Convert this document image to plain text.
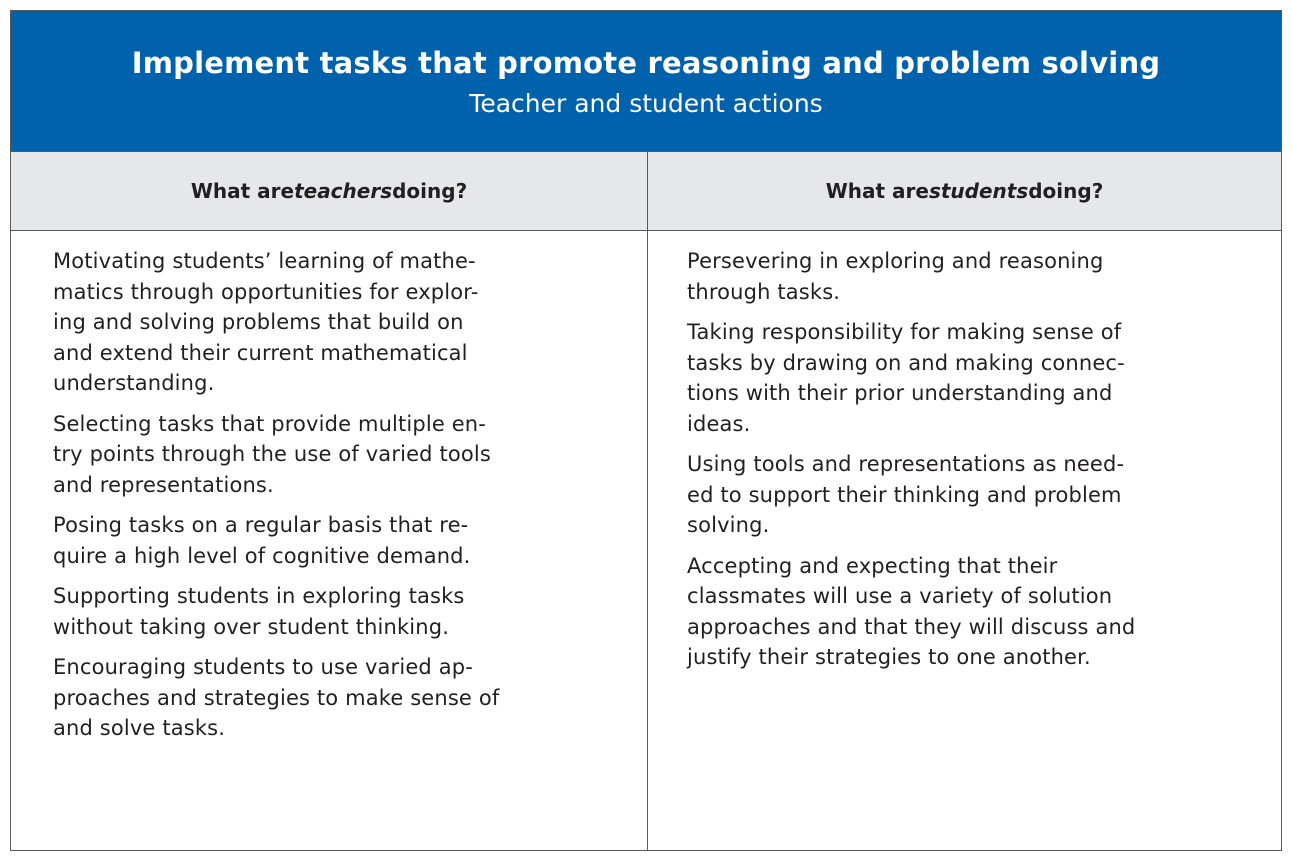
Implement tasks that promote reasoning and problem solving
Teacher and student actions
What are teachers doing?	What are students doing?

Motivating students’ learning of mathe-
matics through opportunities for explor-
ing and solving problems that build on
and extend their current mathematical
understanding.

Selecting tasks that provide multiple en-
try points through the use of varied tools
and representations.

Posing tasks on a regular basis that re-
quire a high level of cognitive demand.

Supporting students in exploring tasks
without taking over student thinking.

Encouraging students to use varied ap-
proaches and strategies to make sense of
and solve tasks.

Persevering in exploring and reasoning
through tasks.

Taking responsibility for making sense of
tasks by drawing on and making connec-
tions with their prior understanding and
ideas.

Using tools and representations as need-
ed to support their thinking and problem
solving.

Accepting and expecting that their
classmates will use a variety of solution
approaches and that they will discuss and
justify their strategies to one another.
